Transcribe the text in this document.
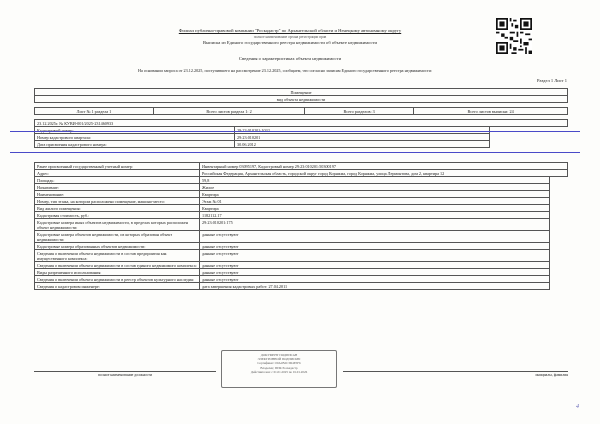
Филиал публично-правовой компании "Роскадастр" по Архангельской области и Ненецкому автономному округу
полное наименование органа регистрации прав
Выписка из Единого государственного реестра недвижимости об объекте недвижимости
Сведения о характеристиках объекта недвижимости
На основании запроса от 23.12.2025, поступившего на рассмотрение 23.12.2025, сообщаем, что согласно записям Единого государственного реестра недвижимости:
Раздел 1 Лист 1
Помещение
вид объекта недвижимости
Лист № 1 раздела 1	Всего листов раздела 1: 2	Всего разделов: 3	Всего листов выписки: 24
23.12.2025г. № КУВИ-001/2025-231460933		
Кадастровый номер:	29:23:010201:1032	
Номер кадастрового квартала:	29:23:010201	
Дата присвоения кадастрового номера:	30.06.2012	
Ранее присвоенный государственный учетный номер:	Инвентарный номер 03095197, Кадастровый номер 29:23:010201:50300197	
Адрес:	Российская Федерация, Архангельская область, городской округ город Коряжма, город Коряжма, улица Лермонтова, дом 2, квартира 12	
Площадь:	59,8	
Назначение:	Жилое	
Наименование:	Квартира	
Номер, тип этажа, на котором расположено помещение, машино-место:	Этаж № 01	
Вид жилого помещения:	Квартира	
Кадастровая стоимость, руб.:	1182112.17	
Кадастровые номера иных объектов недвижимости, в пределах которых расположен объект недвижимости:	29:23:010201:175	
Кадастровые номера объектов недвижимости, из которых образован объект недвижимости:	данные отсутствуют	
Кадастровые номера образованных объектов недвижимости:	данные отсутствуют	
Сведения о включении объекта недвижимости в состав предприятия как имущественного комплекса:	данные отсутствуют	
Сведения о включении объекта недвижимости в состав единого недвижимого комплекса:	данные отсутствуют	
Виды разрешенного использования:	данные отсутствуют	
Сведения о включении объекта недвижимости в реестр объектов культурного наследия:	данные отсутствуют	
Сведения о кадастровом инженере:	дата завершения кадастровых работ: 27.04.2011	
ДОКУМЕНТ ПОДПИСАН
ЭЛЕКТРОННОЙ ПОДПИСЬЮ
Сертификат: 00A1B2C3D4E5F6
Владелец: ППК Роскадастр
Действителен: с 01.01.2025 по 01.01.2026
полное наименование должности	инициалы, фамилия
4
